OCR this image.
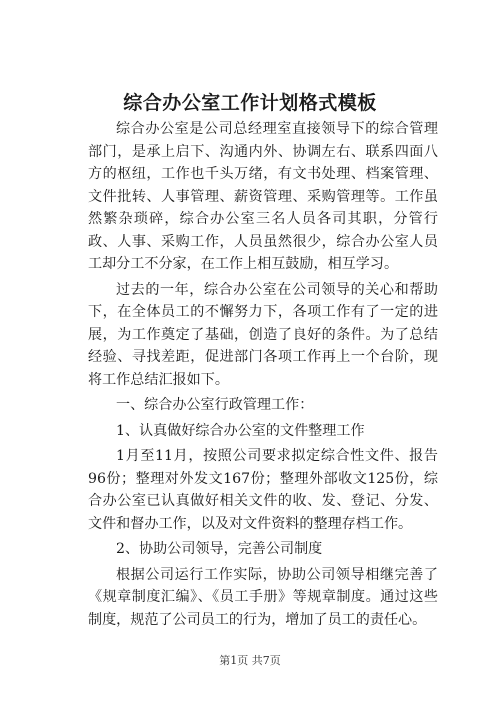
综合办公室工作计划格式模板

综合办公室是公司总经理室直接领导下的综合管理部门，是承上启下、沟通内外、协调左右、联系四面八方的枢纽，工作也千头万绪，有文书处理、档案管理、文件批转、人事管理、薪资管理、采购管理等。工作虽然繁杂琐碎，综合办公室三名人员各司其职，分管行政、人事、采购工作，人员虽然很少，综合办公室人员工却分工不分家，在工作上相互鼓励，相互学习。

过去的一年，综合办公室在公司领导的关心和帮助下，在全体员工的不懈努力下，各项工作有了一定的进展，为工作奠定了基础，创造了良好的条件。为了总结经验、寻找差距，促进部门各项工作再上一个台阶，现将工作总结汇报如下。

一、综合办公室行政管理工作：

1、认真做好综合办公室的文件整理工作

1月至11月，按照公司要求拟定综合性文件、报告96份；整理对外发文167份；整理外部收文125份，综合办公室已认真做好相关文件的收、发、登记、分发、文件和督办工作，以及对文件资料的整理存档工作。

2、协助公司领导，完善公司制度

根据公司运行工作实际，协助公司领导相继完善了《规章制度汇编》、《员工手册》等规章制度。通过这些制度，规范了公司员工的行为，增加了员工的责任心。

第1页 共7页
